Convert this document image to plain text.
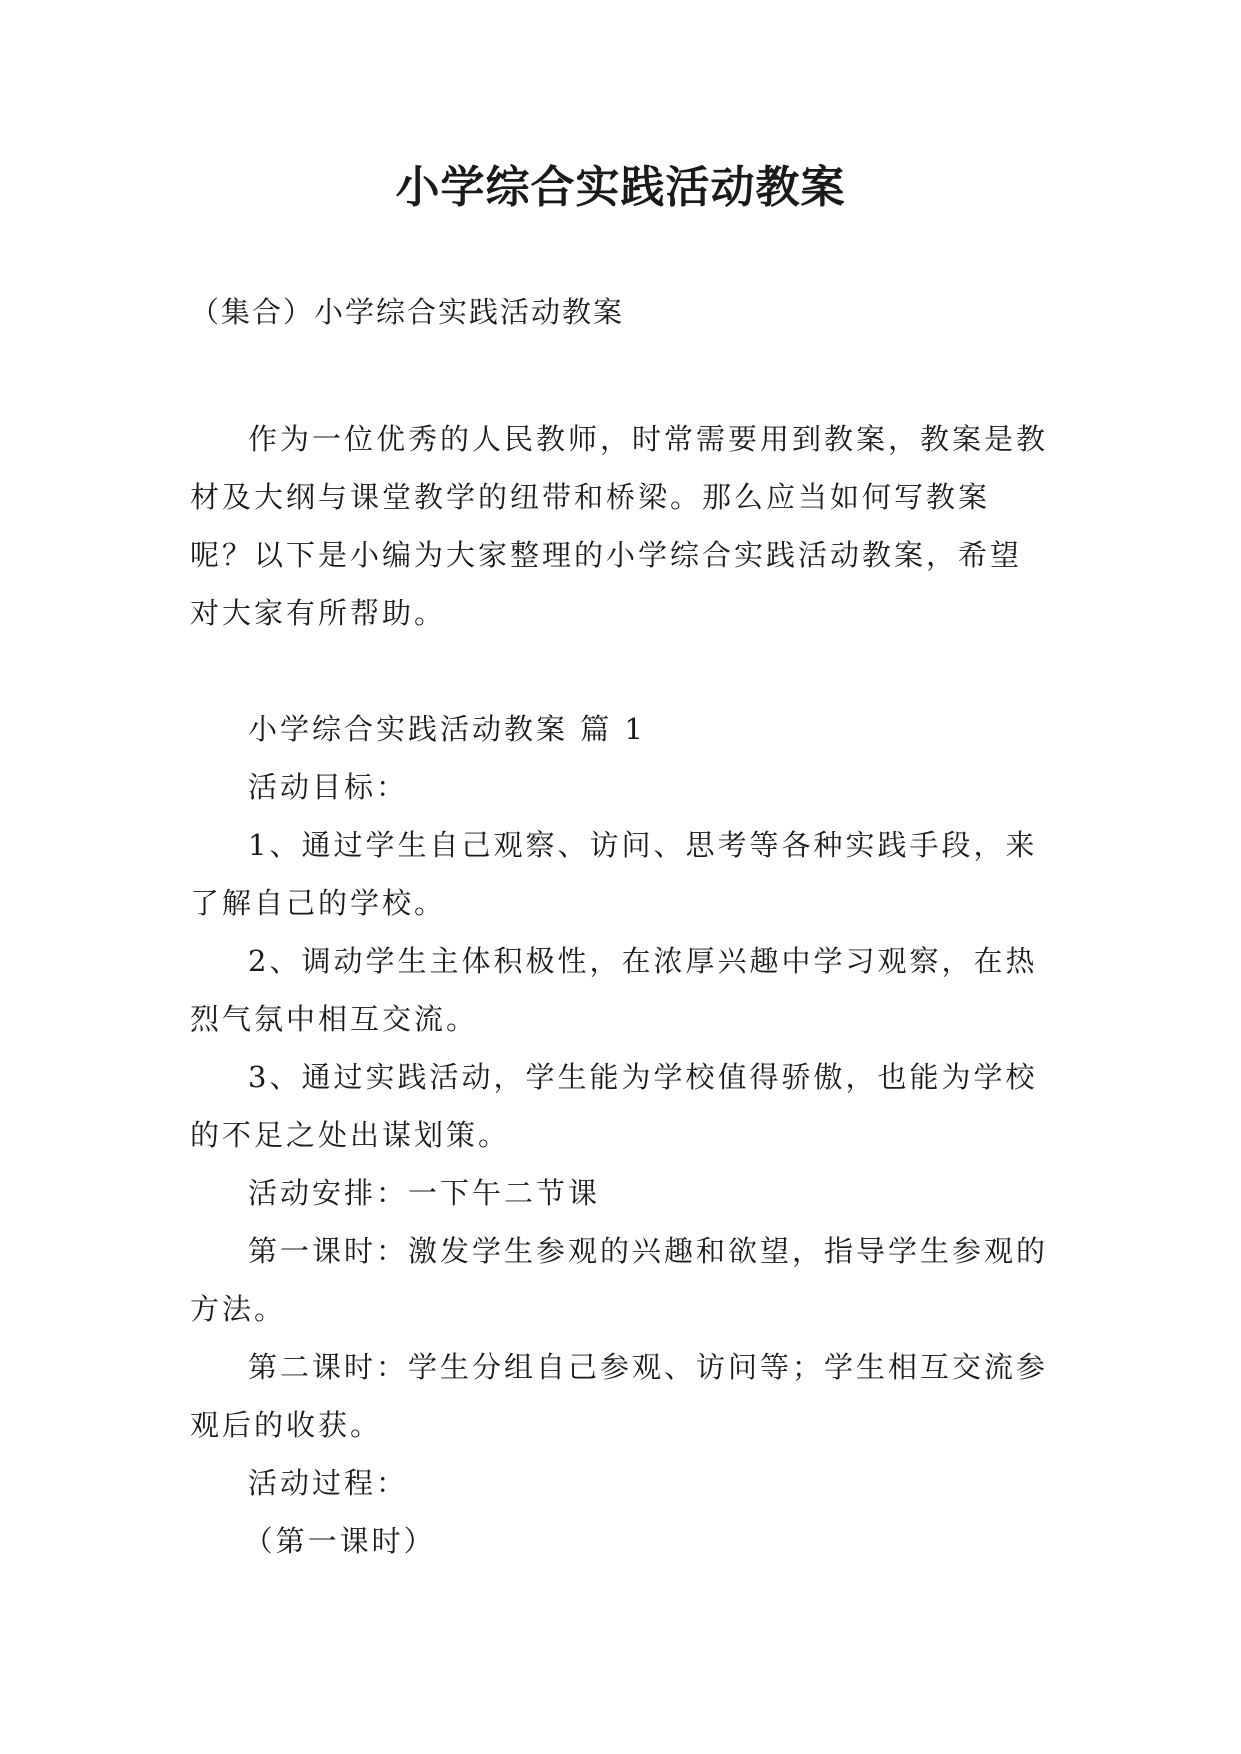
小学综合实践活动教案

（集合）小学综合实践活动教案

作为一位优秀的人民教师，时常需要用到教案，教案是教材及大纲与课堂教学的纽带和桥梁。那么应当如何写教案呢？以下是小编为大家整理的小学综合实践活动教案，希望对大家有所帮助。

小学综合实践活动教案 篇 1

活动目标：

1、通过学生自己观察、访问、思考等各种实践手段，来了解自己的学校。

2、调动学生主体积极性，在浓厚兴趣中学习观察，在热烈气氛中相互交流。

3、通过实践活动，学生能为学校值得骄傲，也能为学校的不足之处出谋划策。

活动安排：一下午二节课

第一课时：激发学生参观的兴趣和欲望，指导学生参观的方法。

第二课时：学生分组自己参观、访问等；学生相互交流参观后的收获。

活动过程：

（第一课时）
